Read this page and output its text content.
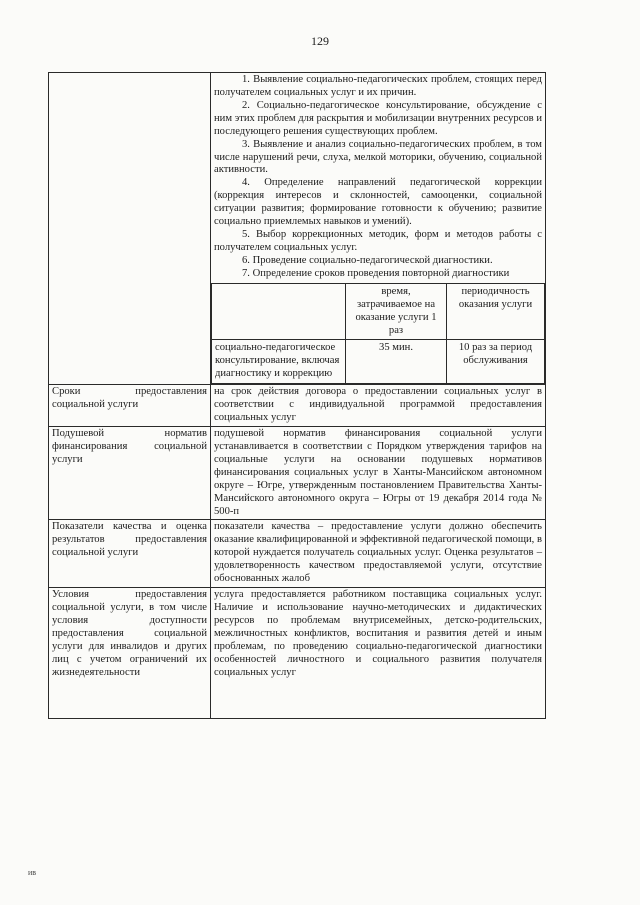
129

1. Выявление социально-педагогических проблем, стоящих перед получателем социальных услуг и их причин.

2. Социально-педагогическое консультирование, обсуждение с ним этих проблем для раскрытия и мобилизации внутренних ресурсов и последующего решения существующих проблем.

3. Выявление и анализ социально-педагогических проблем, в том числе нарушений речи, слуха, мелкой моторики, обучению, социальной активности.

4. Определение направлений педагогической коррекции (коррекция интересов и склонностей, самооценки, социальной ситуации развития; формирование готовности к обучению; развитие социально приемлемых навыков и умений).

5. Выбор коррекционных методик, форм и методов работы с получателем социальных услуг.

6. Проведение социально-педагогической диагностики.

7. Определение сроков проведения повторной диагностики

	время, затрачиваемое на оказание услуги 1 раз	периодичность оказания услуги
социально-педагогическое консультирование, включая диагностику и коррекцию	35 мин.	10 раз за период обслуживания

Сроки предоставления социальной услуги	на срок действия договора о предоставлении социальных услуг в соответствии с индивидуальной программой предоставления социальных услуг
Подушевой норматив финансирования социальной услуги	подушевой норматив финансирования социальной услуги устанавливается в соответствии с Порядком утверждения тарифов на социальные услуги на основании подушевых нормативов финансирования социальных услуг в Ханты-Мансийском автономном округе – Югре, утвержденным постановлением Правительства Ханты-Мансийского автономного округа – Югры от 19 декабря 2014 года № 500-п
Показатели качества и оценка результатов предоставления социальной услуги	показатели качества – предоставление услуги должно обеспечить оказание квалифицированной и эффективной педагогической помощи, в которой нуждается получатель социальных услуг. Оценка результатов – удовлетворенность качеством предоставляемой услуги, отсутствие обоснованных жалоб
Условия предоставления социальной услуги, в том числе условия доступности предоставления социальной услуги для инвалидов и других лиц с учетом ограничений их жизнедеятельности	услуга предоставляется работником поставщика социальных услуг. Наличие и использование научно-методических и дидактических ресурсов по проблемам внутрисемейных, детско-родительских, межличностных конфликтов, воспитания и развития детей и иным проблемам, по проведению социально-педагогической диагностики особенностей личностного и социального развития получателя социальных услуг
ив
